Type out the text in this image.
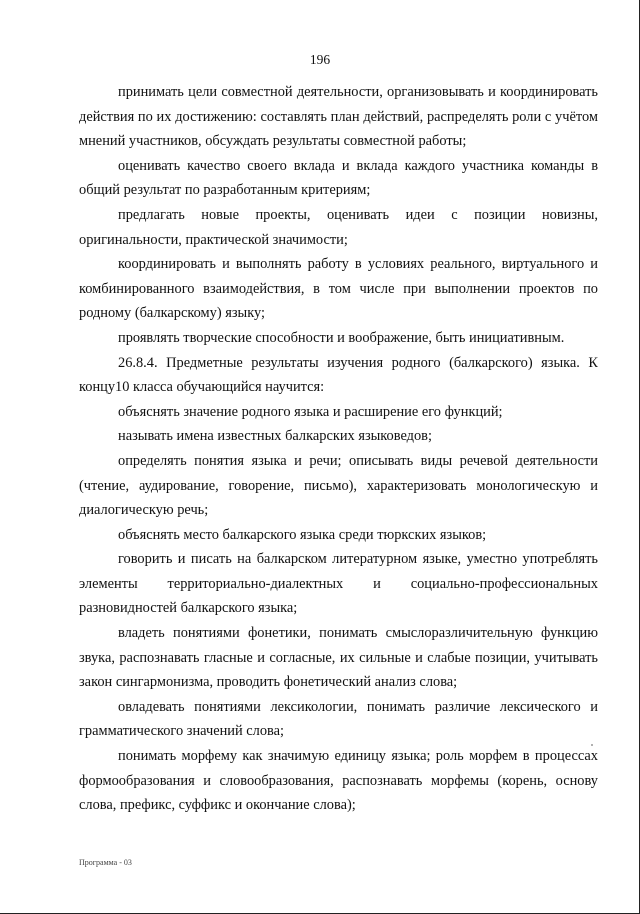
196

принимать цели совместной деятельности, организовывать и координировать действия по их достижению: составлять план действий, распределять роли с учётом мнений участников, обсуждать результаты совместной работы;

оценивать качество своего вклада и вклада каждого участника команды в общий результат по разработанным критериям;

предлагать новые проекты, оценивать идеи с позиции новизны, оригинальности, практической значимости;

координировать и выполнять работу в условиях реального, виртуального и комбинированного взаимодействия, в том числе при выполнении проектов по родному (балкарскому) языку;

проявлять творческие способности и воображение, быть инициативным.

26.8.4. Предметные результаты изучения родного (балкарского) языка. К концу10 класса обучающийся научится:

объяснять значение родного языка и расширение его функций;

называть имена известных балкарских языковедов;

определять понятия языка и речи; описывать виды речевой деятельности (чтение, аудирование, говорение, письмо), характеризовать монологическую и диалогическую речь;

объяснять место балкарского языка среди тюркских языков;

говорить и писать на балкарском литературном языке, уместно употреблять элементы территориально-диалектных и социально-профессиональных разновидностей балкарского языка;

владеть понятиями фонетики, понимать смыслоразличительную функцию звука, распознавать гласные и согласные, их сильные и слабые позиции, учитывать закон сингармонизма, проводить фонетический анализ слова;

овладевать понятиями лексикологии, понимать различие лексического и грамматического значений слова;

понимать морфему как значимую единицу языка; роль морфем в процессах формообразования и словообразования, распознавать морфемы (корень, основу слова, префикс, суффикс и окончание слова);

Программа - 03
